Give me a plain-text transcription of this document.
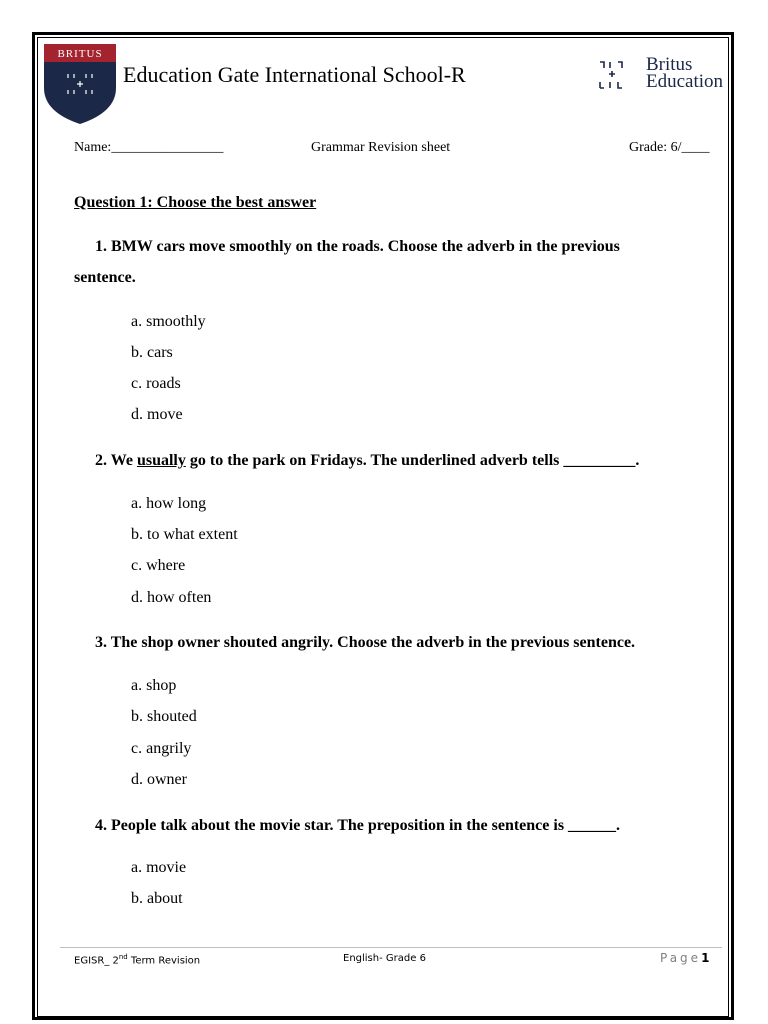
BRITUS
Education Gate International School-R	Britus
Education
Name:________________	Grammar Revision sheet	Grade: 6/____
Question 1: Choose the best answer
1. BMW cars move smoothly on the roads. Choose the adverb in the previous
sentence.
a. smoothly
b. cars
c. roads
d. move
2. We usually go to the park on Fridays. The underlined adverb tells _________.
a. how long
b. to what extent
c. where
d. how often
3. The shop owner shouted angrily. Choose the adverb in the previous sentence.
a. shop
b. shouted
c. angrily
d. owner
4. People talk about the movie star. The preposition in the sentence is ______.
a. movie
b. about
EGISR_ 2nd Term Revision	English- Grade 6	Page1
